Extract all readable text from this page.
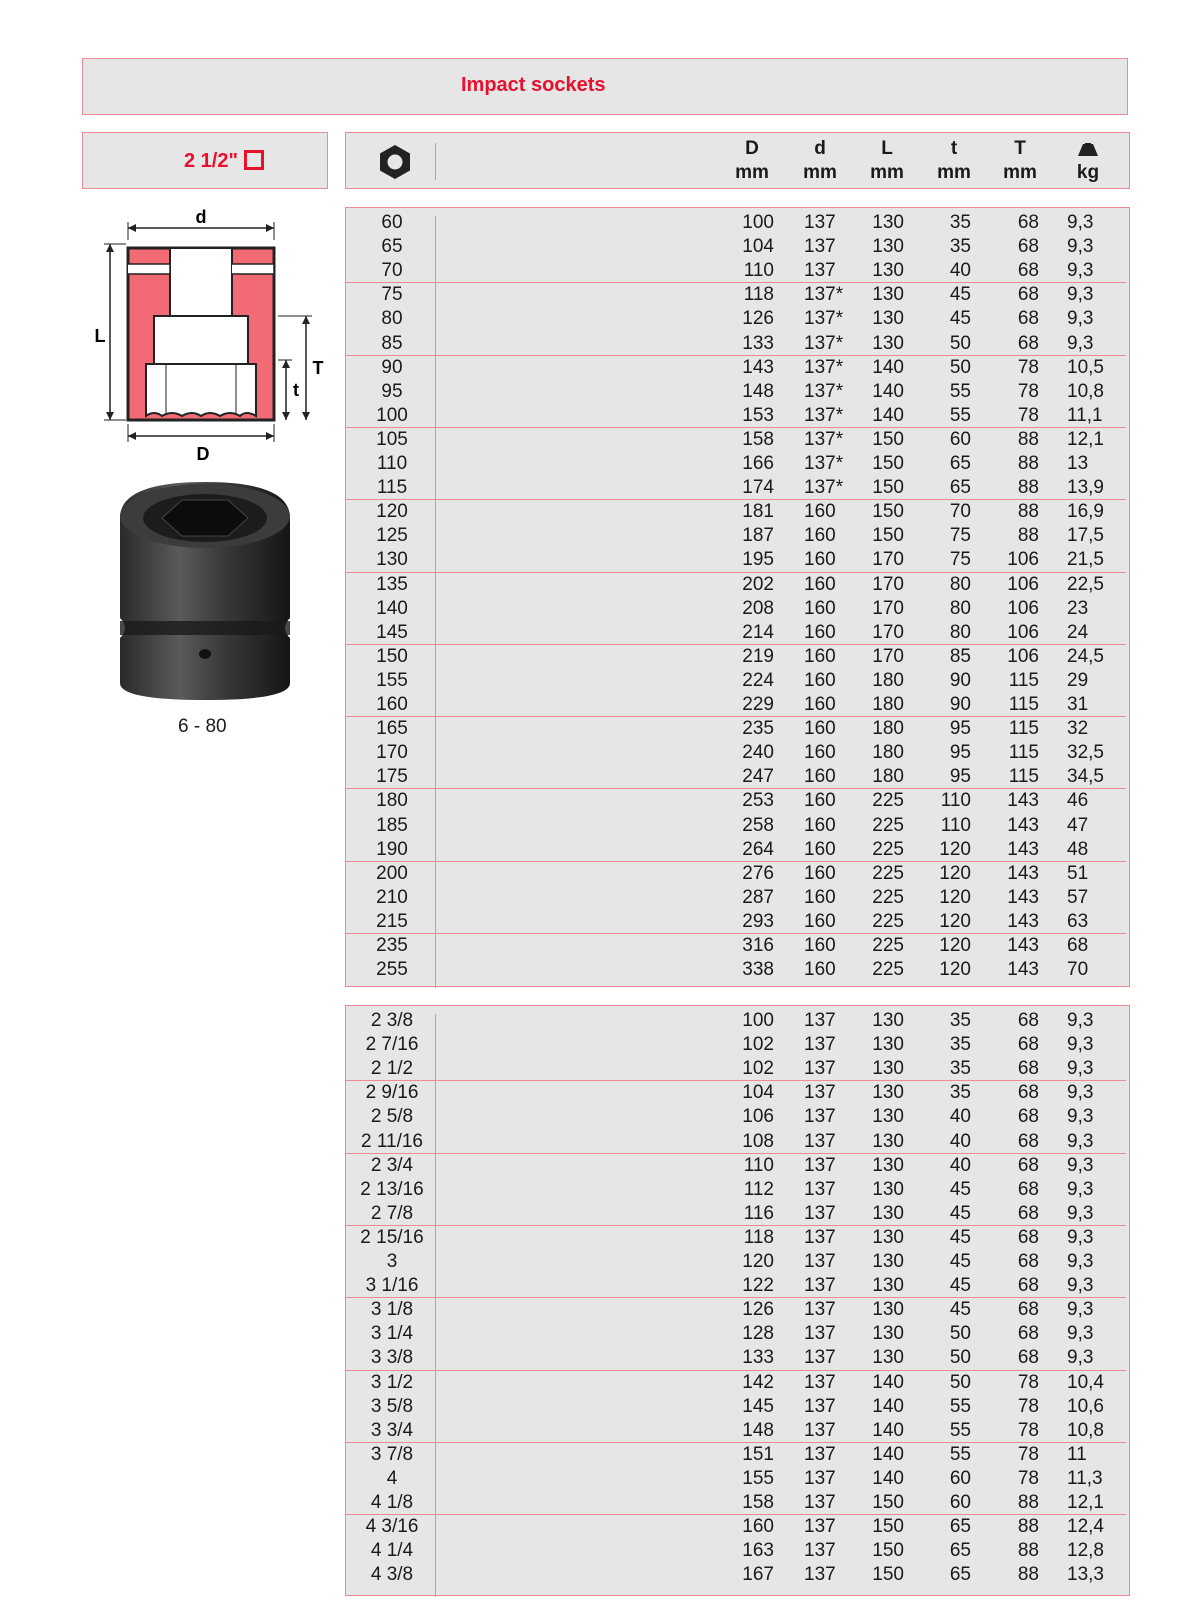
Impact sockets
2 1/2"
D
mm
d
mm
L
mm
t
mm
T
mm	kg
60	100 137 130 35 68 9,3
65	104 137 130 35 68 9,3
70	110 137 130 40 68 9,3
75	118 137* 130 45 68 9,3
80	126 137* 130 45 68 9,3
85	133 137* 130 50 68 9,3
90	143 137* 140 50 78 10,5
95	148 137* 140 55 78 10,8
100	153 137* 140 55 78 11,1
105	158 137* 150 60 88 12,1
110	166 137* 150 65 88 13
115	174 137* 150 65 88 13,9
120	181 160 150 70 88 16,9
125	187 160 150 75 88 17,5
130	195 160 170 75 106 21,5
135	202 160 170 80 106 22,5
140	208 160 170 80 106 23
145	214 160 170 80 106 24
150	219 160 170 85 106 24,5
155	224 160 180 90 115 29
160	229 160 180 90 115 31
165	235 160 180 95 115 32
170	240 160 180 95 115 32,5
175	247 160 180 95 115 34,5
180	253 160 225 110 143 46
185	258 160 225 110 143 47
190	264 160 225 120 143 48
200	276 160 225 120 143 51
210	287 160 225 120 143 57
215	293 160 225 120 143 63
235	316 160 225 120 143 68
255	338 160 225 120 143 70
2 3/8	100 137 130 35 68 9,3
2 7/16	102 137 130 35 68 9,3
2 1/2	102 137 130 35 68 9,3
2 9/16	104 137 130 35 68 9,3
2 5/8	106 137 130 40 68 9,3
2 11/16	108 137 130 40 68 9,3
2 3/4	110 137 130 40 68 9,3
2 13/16	112 137 130 45 68 9,3
2 7/8	116 137 130 45 68 9,3
2 15/16	118 137 130 45 68 9,3
3	120 137 130 45 68 9,3
3 1/16	122 137 130 45 68 9,3
3 1/8	126 137 130 45 68 9,3
3 1/4	128 137 130 50 68 9,3
3 3/8	133 137 130 50 68 9,3
3 1/2	142 137 140 50 78 10,4
3 5/8	145 137 140 55 78 10,6
3 3/4	148 137 140 55 78 10,8
3 7/8	151 137 140 55 78 11
4	155 137 140 60 78 11,3
4 1/8	158 137 150 60 88 12,1
4 3/16	160 137 150 65 88 12,4
4 1/4	163 137 150 65 88 12,8
4 3/8	167 137 150 65 88 13,3
d
L
T
t
D
6 - 80
